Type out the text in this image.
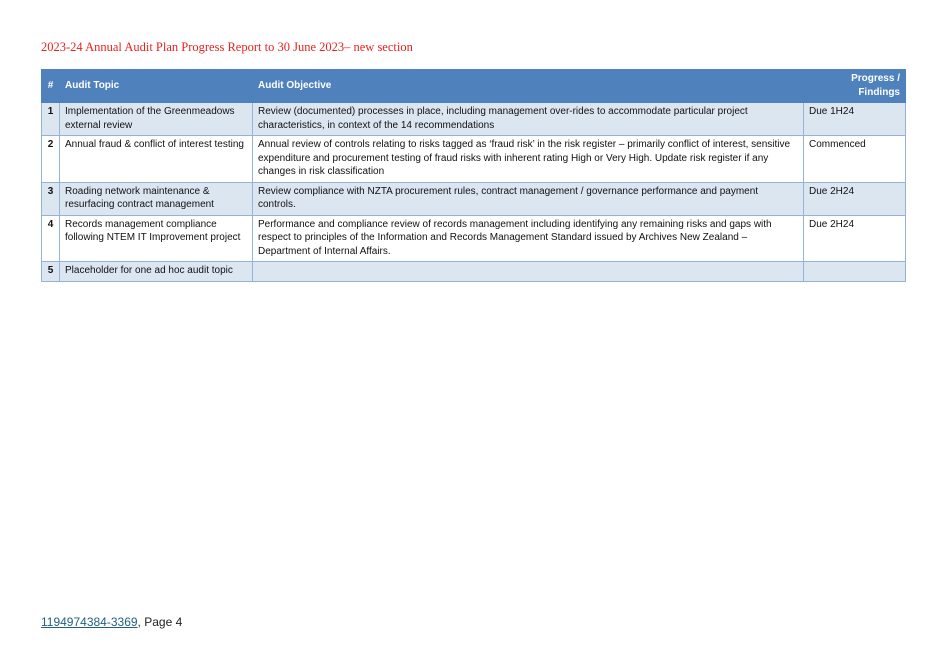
2023-24 Annual Audit Plan Progress Report to 30 June 2023– new section
#	Audit Topic	Audit Objective	Progress / Findings
1	Implementation of the Greenmeadows external review	Review (documented) processes in place, including management over-rides to accommodate particular project characteristics, in context of the 14 recommendations	Due 1H24
2	Annual fraud & conflict of interest testing	Annual review of controls relating to risks tagged as ‘fraud risk’ in the risk register – primarily conflict of interest, sensitive expenditure and procurement testing of fraud risks with inherent rating High or Very High. Update risk register if any changes in risk classification	Commenced
3	Roading network maintenance & resurfacing contract management	Review compliance with NZTA procurement rules, contract management / governance performance and payment controls.	Due 2H24
4	Records management compliance following NTEM IT Improvement project	Performance and compliance review of records management including identifying any remaining risks and gaps with respect to principles of the Information and Records Management Standard issued by Archives New Zealand – Department of Internal Affairs.	Due 2H24
5	Placeholder for one ad hoc audit topic		
1194974384-3369, Page 4
